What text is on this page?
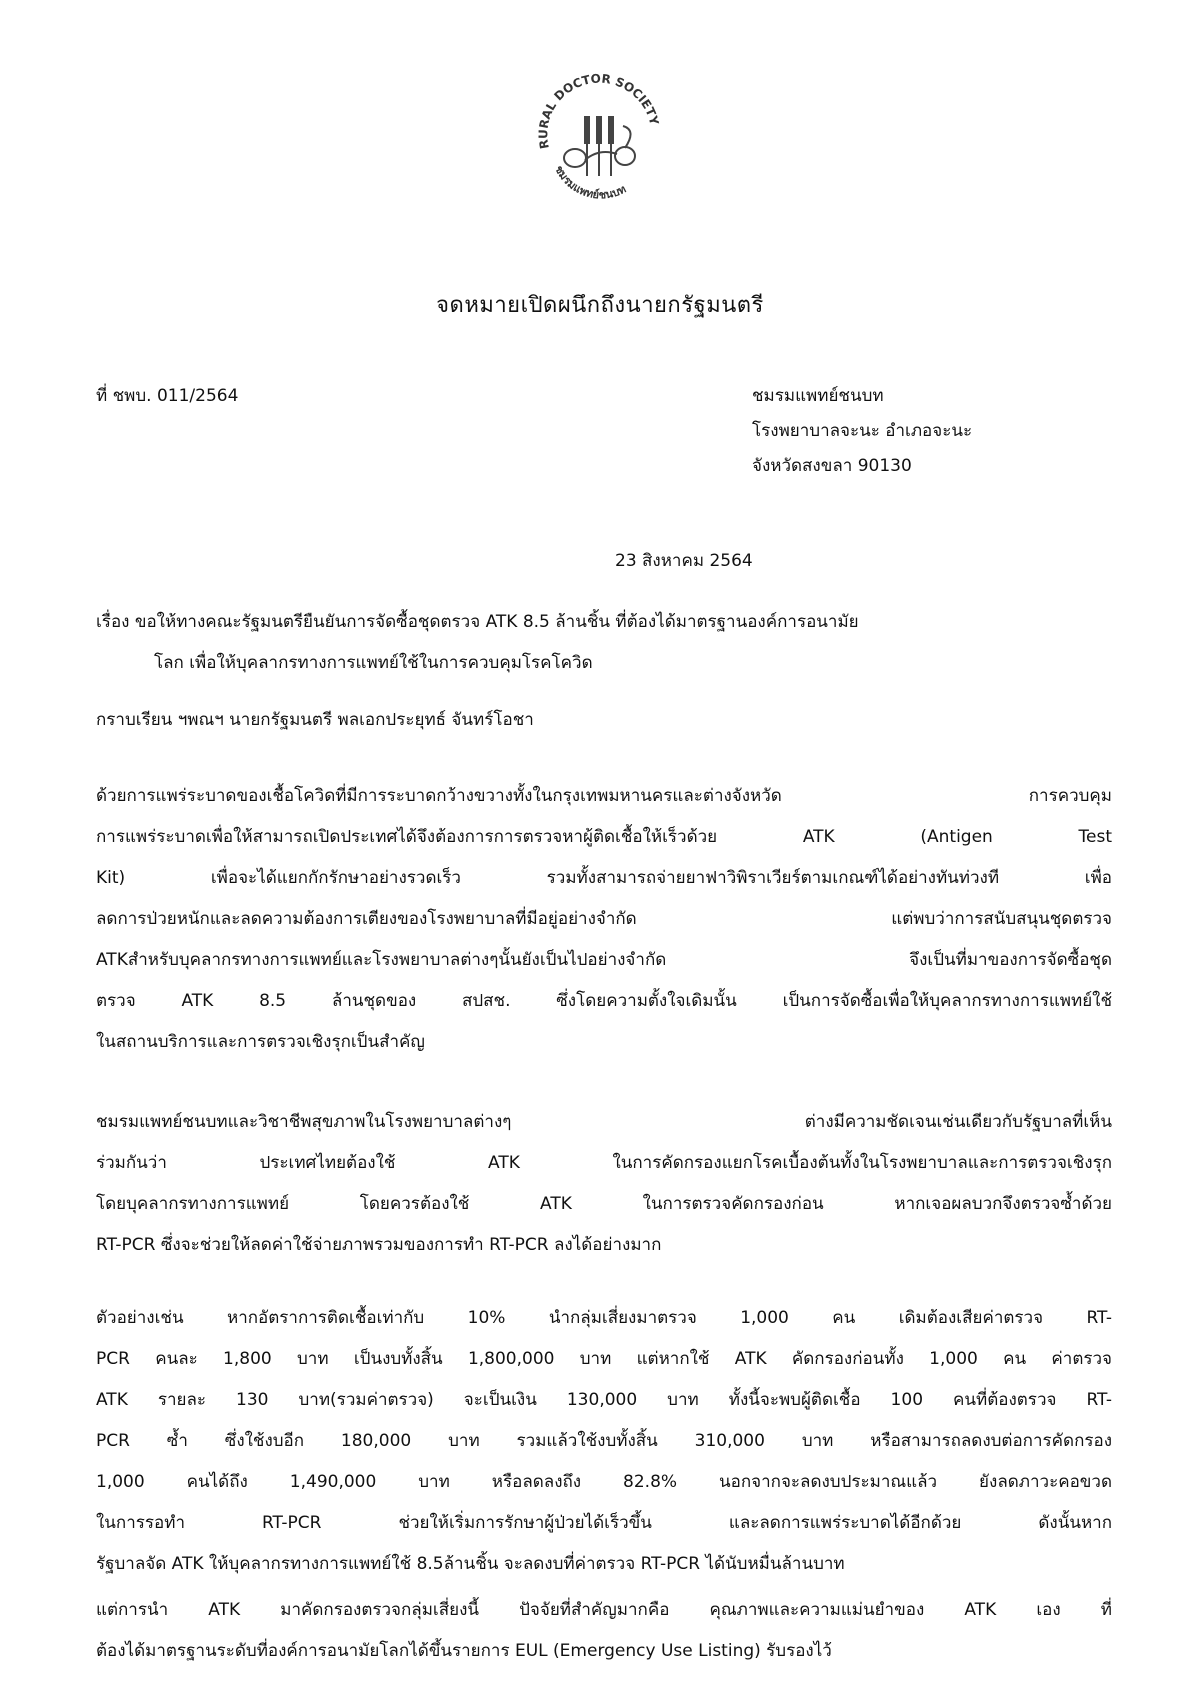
RURAL DOCTOR SOCIETY
ชมรมแพทย์ชนบท
จดหมายเปิดผนึกถึงนายกรัฐมนตรี
ที่ ชพบ. 011/2564	ชมรมแพทย์ชนบท
โรงพยาบาลจะนะ อำเภอจะนะ
จังหวัดสงขลา 90130
23 สิงหาคม 2564
เรื่อง ขอให้ทางคณะรัฐมนตรียืนยันการจัดซื้อชุดตรวจ ATK 8.5 ล้านชิ้น ที่ต้องได้มาตรฐานองค์การอนามัย
โลก เพื่อให้บุคลากรทางการแพทย์ใช้ในการควบคุมโรคโควิด
กราบเรียน ฯพณฯ นายกรัฐมนตรี พลเอกประยุทธ์ จันทร์โอชา
ด้วยการแพร่ระบาดของเชื้อโควิดที่มีการระบาดกว้างขวางทั้งในกรุงเทพมหานครและต่างจังหวัด การควบคุม
การแพร่ระบาดเพื่อให้สามารถเปิดประเทศได้จึงต้องการการตรวจหาผู้ติดเชื้อให้เร็วด้วย ATK (Antigen Test
Kit) เพื่อจะได้แยกกักรักษาอย่างรวดเร็ว รวมทั้งสามารถจ่ายยาฟาวิพิราเวียร์ตามเกณฑ์ได้อย่างทันท่วงที เพื่อ
ลดการป่วยหนักและลดความต้องการเตียงของโรงพยาบาลที่มีอยู่อย่างจำกัด แต่พบว่าการสนับสนุนชุดตรวจ
ATKสำหรับบุคลากรทางการแพทย์และโรงพยาบาลต่างๆนั้นยังเป็นไปอย่างจำกัด จึงเป็นที่มาของการจัดซื้อชุด
ตรวจ ATK 8.5 ล้านชุดของ สปสช. ซึ่งโดยความตั้งใจเดิมนั้น เป็นการจัดซื้อเพื่อให้บุคลากรทางการแพทย์ใช้
ในสถานบริการและการตรวจเชิงรุกเป็นสำคัญ
ชมรมแพทย์ชนบทและวิชาชีพสุขภาพในโรงพยาบาลต่างๆ ต่างมีความชัดเจนเช่นเดียวกับรัฐบาลที่เห็น
ร่วมกันว่า ประเทศไทยต้องใช้ ATK ในการคัดกรองแยกโรคเบื้องต้นทั้งในโรงพยาบาลและการตรวจเชิงรุก
โดยบุคลากรทางการแพทย์ โดยควรต้องใช้ ATK ในการตรวจคัดกรองก่อน หากเจอผลบวกจึงตรวจซ้ำด้วย
RT-PCR ซึ่งจะช่วยให้ลดค่าใช้จ่ายภาพรวมของการทำ RT-PCR ลงได้อย่างมาก
ตัวอย่างเช่น หากอัตราการติดเชื้อเท่ากับ 10% นำกลุ่มเสี่ยงมาตรวจ 1,000 คน เดิมต้องเสียค่าตรวจ RT-
PCR คนละ 1,800 บาท เป็นงบทั้งสิ้น 1,800,000 บาท แต่หากใช้ ATK คัดกรองก่อนทั้ง 1,000 คน ค่าตรวจ
ATK รายละ 130 บาท(รวมค่าตรวจ) จะเป็นเงิน 130,000 บาท ทั้งนี้จะพบผู้ติดเชื้อ 100 คนที่ต้องตรวจ RT-
PCR ซ้ำ ซึ่งใช้งบอีก 180,000 บาท รวมแล้วใช้งบทั้งสิ้น 310,000 บาท หรือสามารถลดงบต่อการคัดกรอง
1,000 คนได้ถึง 1,490,000 บาท หรือลดลงถึง 82.8% นอกจากจะลดงบประมาณแล้ว ยังลดภาวะคอขวด
ในการรอทำ RT-PCR ช่วยให้เริ่มการรักษาผู้ป่วยได้เร็วขึ้น และลดการแพร่ระบาดได้อีกด้วย ดังนั้นหาก
รัฐบาลจัด ATK ให้บุคลากรทางการแพทย์ใช้ 8.5ล้านชิ้น จะลดงบที่ค่าตรวจ RT-PCR ได้นับหมื่นล้านบาท
แต่การนำ ATK มาคัดกรองตรวจกลุ่มเสี่ยงนี้ ปัจจัยที่สำคัญมากคือ คุณภาพและความแม่นยำของ ATK เอง ที่
ต้องได้มาตรฐานระดับที่องค์การอนามัยโลกได้ขึ้นรายการ EUL (Emergency Use Listing) รับรองไว้
